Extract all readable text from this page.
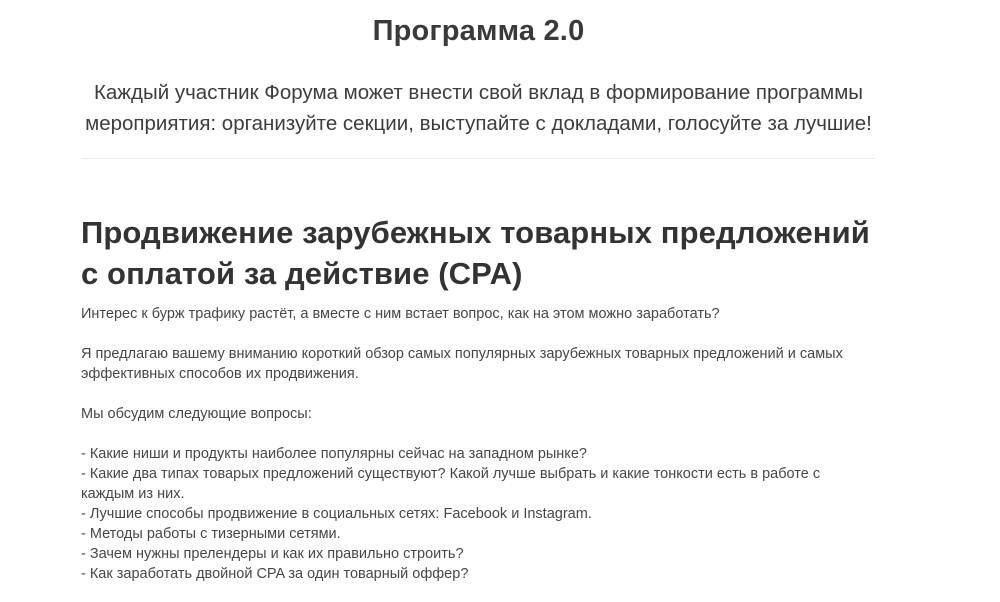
Программа 2.0

Каждый участник Форума может внести свой вклад в формирование программы мероприятия: организуйте секции, выступайте с докладами, голосуйте за лучшие!

Продвижение зарубежных товарных предложений с оплатой за действие (CPA)

Интерес к бурж трафику растёт, а вместе с ним встает вопрос, как на этом можно заработать?

Я предлагаю вашему вниманию короткий обзор самых популярных зарубежных товарных предложений и самых эффективных способов их продвижения.

Мы обсудим следующие вопросы:

- Какие ниши и продукты наиболее популярны сейчас на западном рынке?
- Какие два типах товарых предложений существуют? Какой лучше выбрать и какие тонкости есть в работе с каждым из них.
- Лучшие способы продвижение в социальных сетях: Facebook и Instagram.
- Методы работы с тизерными сетями.
- Зачем нужны прелендеры и как их правильно строить?
- Как заработать двойной CPA за один товарный оффер?
